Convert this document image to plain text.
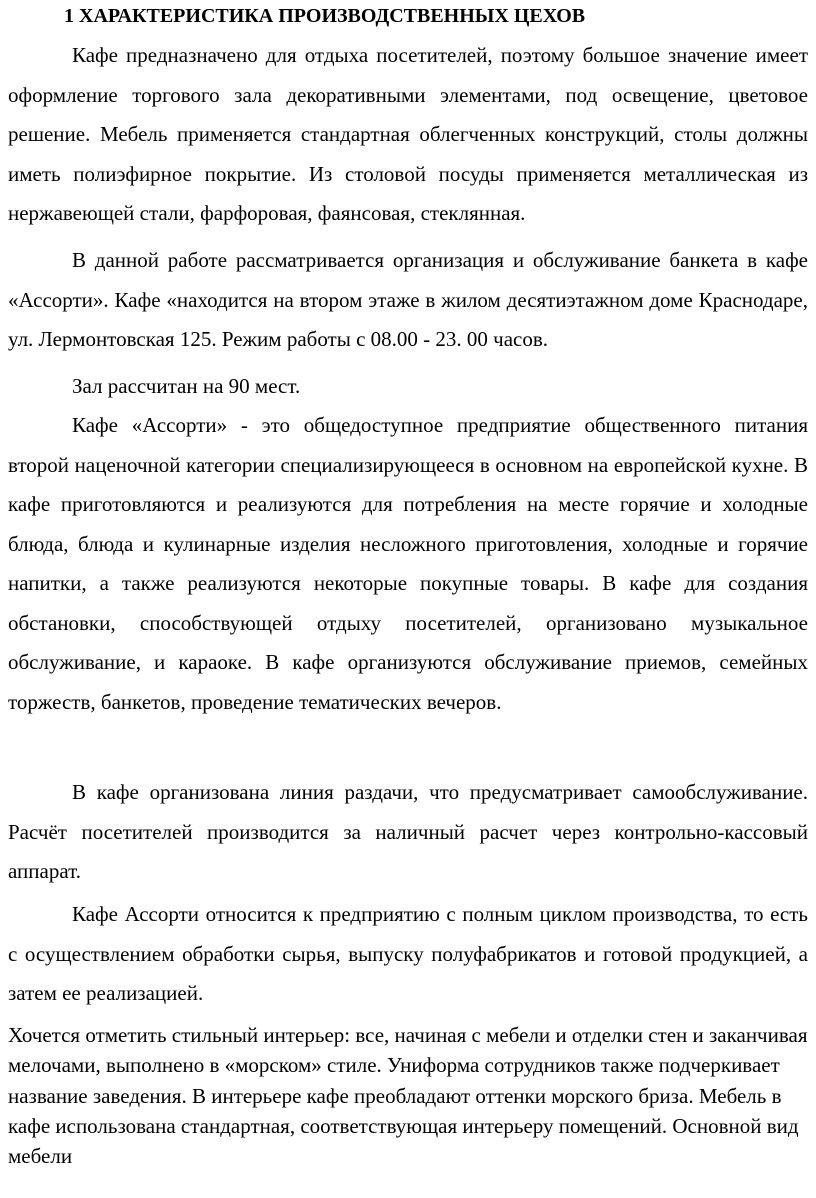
1 ХАРАКТЕРИСТИКА ПРОИЗВОДСТВЕННЫХ ЦЕХОВ

Кафе предназначено для отдыха посетителей, поэтому большое значение имеет оформление торгового зала декоративными элементами, под освещение, цветовое решение. Мебель применяется стандартная облегченных конструкций, столы должны иметь полиэфирное покрытие. Из столовой посуды применяется металлическая из нержавеющей стали, фарфоровая, фаянсовая, стеклянная.

В данной работе рассматривается организация и обслуживание банкета в кафе «Ассорти». Кафе «находится на втором этаже в жилом десятиэтажном доме Краснодаре, ул. Лермонтовская 125. Режим работы с 08.00 - 23. 00 часов.

Зал рассчитан на 90 мест.

Кафе «Ассорти» - это общедоступное предприятие общественного питания второй наценочной категории специализирующееся в основном на европейской кухне. В кафе приготовляются и реализуются для потребления на месте горячие и холодные блюда, блюда и кулинарные изделия несложного приготовления, холодные и горячие напитки, а также реализуются некоторые покупные товары. В кафе для создания обстановки, способствующей отдыху посетителей, организовано музыкальное обслуживание, и караоке. В кафе организуются обслуживание приемов, семейных торжеств, банкетов, проведение тематических вечеров.

В кафе организована линия раздачи, что предусматривает самообслуживание. Расчёт посетителей производится за наличный расчет через контрольно-кассовый аппарат.

Кафе Ассорти относится к предприятию с полным циклом производства, то есть с осуществлением обработки сырья, выпуску полуфабрикатов и готовой продукцией, а затем ее реализацией.

Хочется отметить стильный интерьер: все, начиная с мебели и отделки стен и заканчивая мелочами, выполнено в «морском» стиле. Униформа сотрудников также подчеркивает название заведения. В интерьере кафе преобладают оттенки морского бриза. Мебель в кафе использована стандартная, соответствующая интерьеру помещений. Основной вид мебели
